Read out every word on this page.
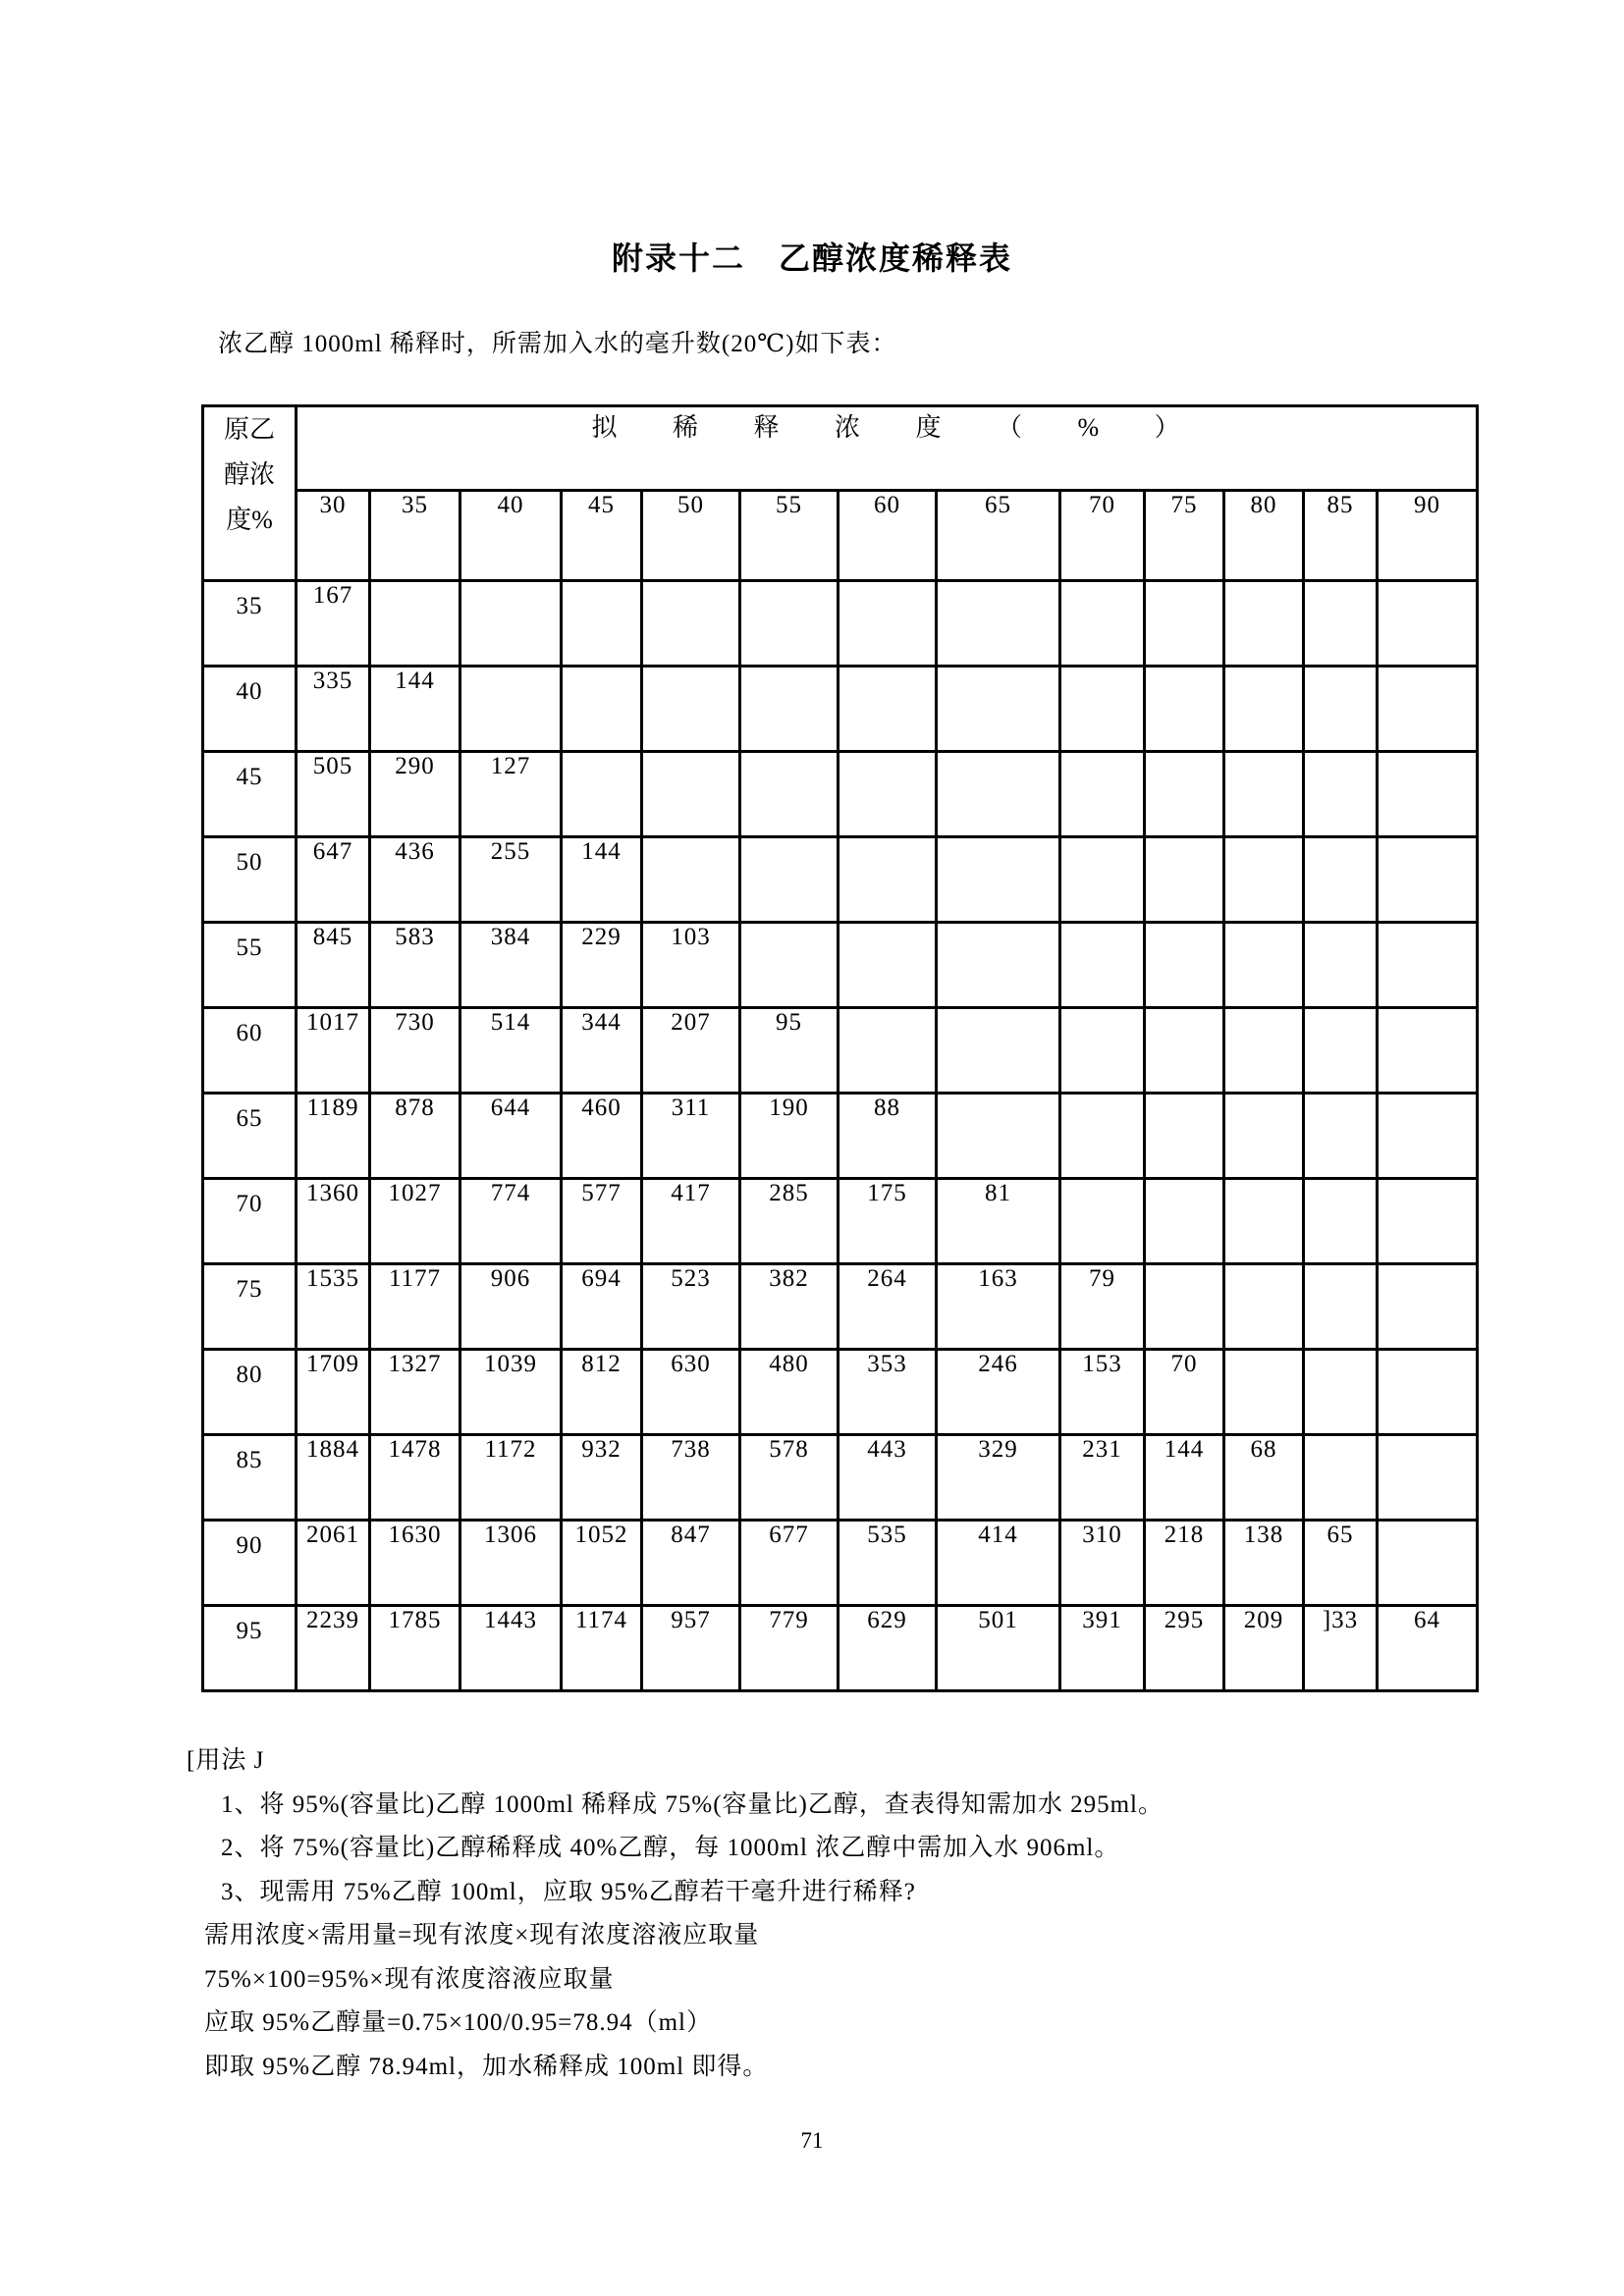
附录十二　乙醇浓度稀释表

浓乙醇 1000ml 稀释时，所需加入水的毫升数(20℃)如下表：

原乙
醇浓
度%	拟 稀 释 浓 度 （ % ）												
	30	35	40	45	50	55	60	65	70	75	80	85	90
35	167												
40	335	144											
45	505	290	127										
50	647	436	255	144									
55	845	583	384	229	103								
60	1017	730	514	344	207	95							
65	1189	878	644	460	311	190	88						
70	1360	1027	774	577	417	285	175	81					
75	1535	1177	906	694	523	382	264	163	79				
80	1709	1327	1039	812	630	480	353	246	153	70			
85	1884	1478	1172	932	738	578	443	329	231	144	68		
90	2061	1630	1306	1052	847	677	535	414	310	218	138	65	
95	2239	1785	1443	1174	957	779	629	501	391	295	209	]33	64

[用法 J

1、将 95%(容量比)乙醇 1000ml 稀释成 75%(容量比)乙醇，查表得知需加水 295ml。

2、将 75%(容量比)乙醇稀释成 40%乙醇，每 1000ml 浓乙醇中需加入水 906ml。

3、现需用 75%乙醇 100ml，应取 95%乙醇若干毫升进行稀释?

需用浓度×需用量=现有浓度×现有浓度溶液应取量

75%×100=95%×现有浓度溶液应取量

应取 95%乙醇量=0.75×100/0.95=78.94（ml）

即取 95%乙醇 78.94ml，加水稀释成 100ml 即得。

71
